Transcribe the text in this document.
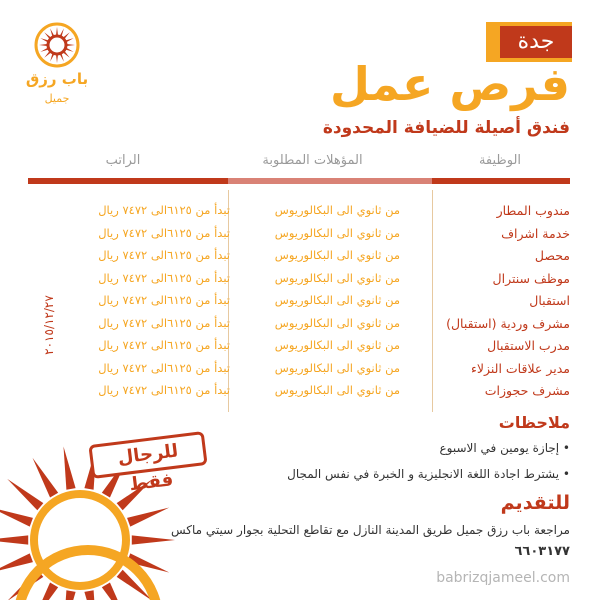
باب رزق
جميل
جدة
فرص عمل
فندق أصيلة للضيافة المحدودة
الوظيفة
المؤهلات المطلوبة
الراتب
مندوب المطار
من ثانوي الى البكالوريوس
تبدأ من ٦١٢٥الى ٧٤٧٢ ريال
خدمة اشراف
من ثانوي الى البكالوريوس
تبدأ من ٦١٢٥الى ٧٤٧٢ ريال
محصل
من ثانوي الى البكالوريوس
تبدأ من ٦١٢٥الى ٧٤٧٢ ريال
موظف سنترال
من ثانوي الى البكالوريوس
تبدأ من ٦١٢٥الى ٧٤٧٢ ريال
استقبال
من ثانوي الى البكالوريوس
تبدأ من ٦١٢٥الى ٧٤٧٢ ريال
مشرف وردية (استقبال)
من ثانوي الى البكالوريوس
تبدأ من ٦١٢٥الى ٧٤٧٢ ريال
مدرب الاستقبال
من ثانوي الى البكالوريوس
تبدأ من ٦١٢٥الى ٧٤٧٢ ريال
مدير علاقات النزلاء
من ثانوي الى البكالوريوس
تبدأ من ٦١٢٥الى ٧٤٧٢ ريال
مشرف حجوزات
من ثانوي الى البكالوريوس
تبدأ من ٦١٢٥الى ٧٤٧٢ ريال
٢٠١٥/١٢/٢٧
للرجال فقط
ملاحظات
• إجازة يومين في الاسبوع
• يشترط اجادة اللغة الانجليزية و الخبرة في نفس المجال
للتقديم
مراجعة باب رزق جميل طريق المدينة النازل مع تقاطع التحلية بجوار سيتي ماكس
٦٦٠٣١٧٧
babrizqjameel.com
